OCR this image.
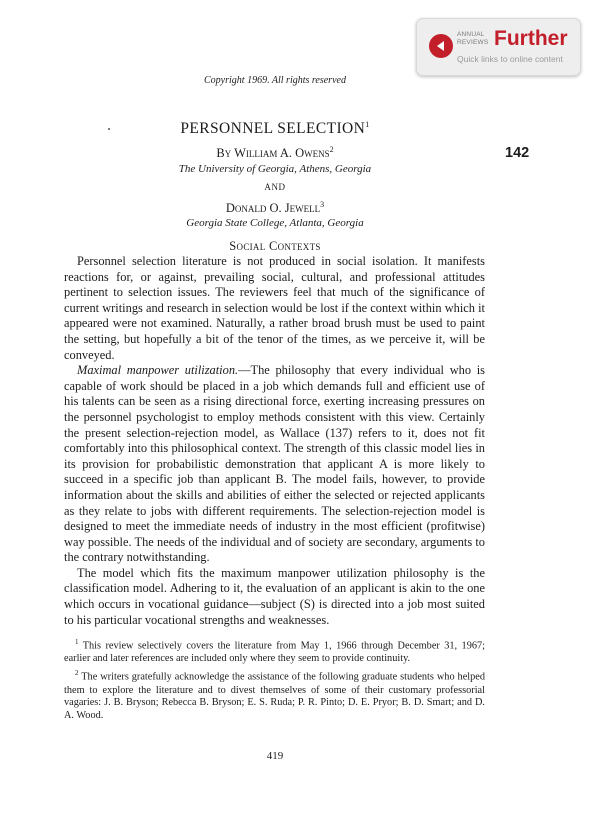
ANNUAL
REVIEWS Further
Quick links to online content
Copyright 1969. All rights reserved
PERSONNEL SELECTION$^1$
142
By William A. Owens$^2$
The University of Georgia, Athens, Georgia
AND
Donald O. Jewell$^3$
Georgia State College, Atlanta, Georgia
Social Contexts

Personnel selection literature is not produced in social isolation. It manifests reactions for, or against, prevailing social, cultural, and professional attitudes pertinent to selection issues. The reviewers feel that much of the significance of current writings and research in selection would be lost if the context within which it appeared were not examined. Naturally, a rather broad brush must be used to paint the setting, but hopefully a bit of the tenor of the times, as we perceive it, will be conveyed.

Maximal manpower utilization.—The philosophy that every individual who is capable of work should be placed in a job which demands full and efficient use of his talents can be seen as a rising directional force, exerting increasing pressures on the personnel psychologist to employ methods consistent with this view. Certainly the present selection-rejection model, as Wallace (137) refers to it, does not fit comfortably into this philosophical context. The strength of this classic model lies in its provision for probabilistic demonstration that applicant A is more likely to succeed in a specific job than applicant B. The model fails, however, to provide information about the skills and abilities of either the selected or rejected applicants as they relate to jobs with different requirements. The selection-rejection model is designed to meet the immediate needs of industry in the most efficient (profitwise) way possible. The needs of the individual and of society are secondary, arguments to the contrary notwithstanding.

The model which fits the maximum manpower utilization philosophy is the classification model. Adhering to it, the evaluation of an applicant is akin to the one which occurs in vocational guidance—subject (S) is directed into a job most suited to his particular vocational strengths and weaknesses.

$^1$ This review selectively covers the literature from May 1, 1966 through December 31, 1967; earlier and later references are included only where they seem to provide continuity.

$^2$ The writers gratefully acknowledge the assistance of the following graduate students who helped them to explore the literature and to divest themselves of some of their customary professorial vagaries: J. B. Bryson; Rebecca B. Bryson; E. S. Ruda; P. R. Pinto; D. E. Pryor; B. D. Smart; and D. A. Wood.

419
